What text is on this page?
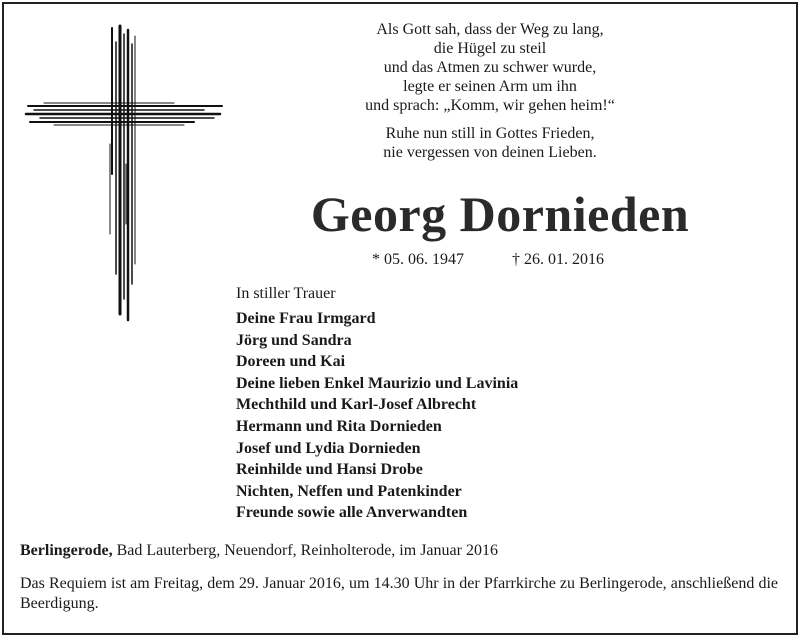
Als Gott sah, dass der Weg zu lang,
die Hügel zu steil
und das Atmen zu schwer wurde,
legte er seinen Arm um ihn
und sprach: „Komm, wir gehen heim!“
Ruhe nun still in Gottes Frieden,
nie vergessen von deinen Lieben.
Georg Dornieden
* 05. 06. 1947	† 26. 01. 2016
In stiller Trauer
Deine Frau Irmgard
Jörg und Sandra
Doreen und Kai
Deine lieben Enkel Maurizio und Lavinia
Mechthild und Karl-Josef Albrecht
Hermann und Rita Dornieden
Josef und Lydia Dornieden
Reinhilde und Hansi Drobe
Nichten, Neffen und Patenkinder
Freunde sowie alle Anverwandten
Berlingerode, Bad Lauterberg, Neuendorf, Reinholterode, im Januar 2016

Das Requiem ist am Freitag, dem 29. Januar 2016, um 14.30 Uhr in der Pfarrkirche zu Berlingerode, anschließend die Beerdigung.
